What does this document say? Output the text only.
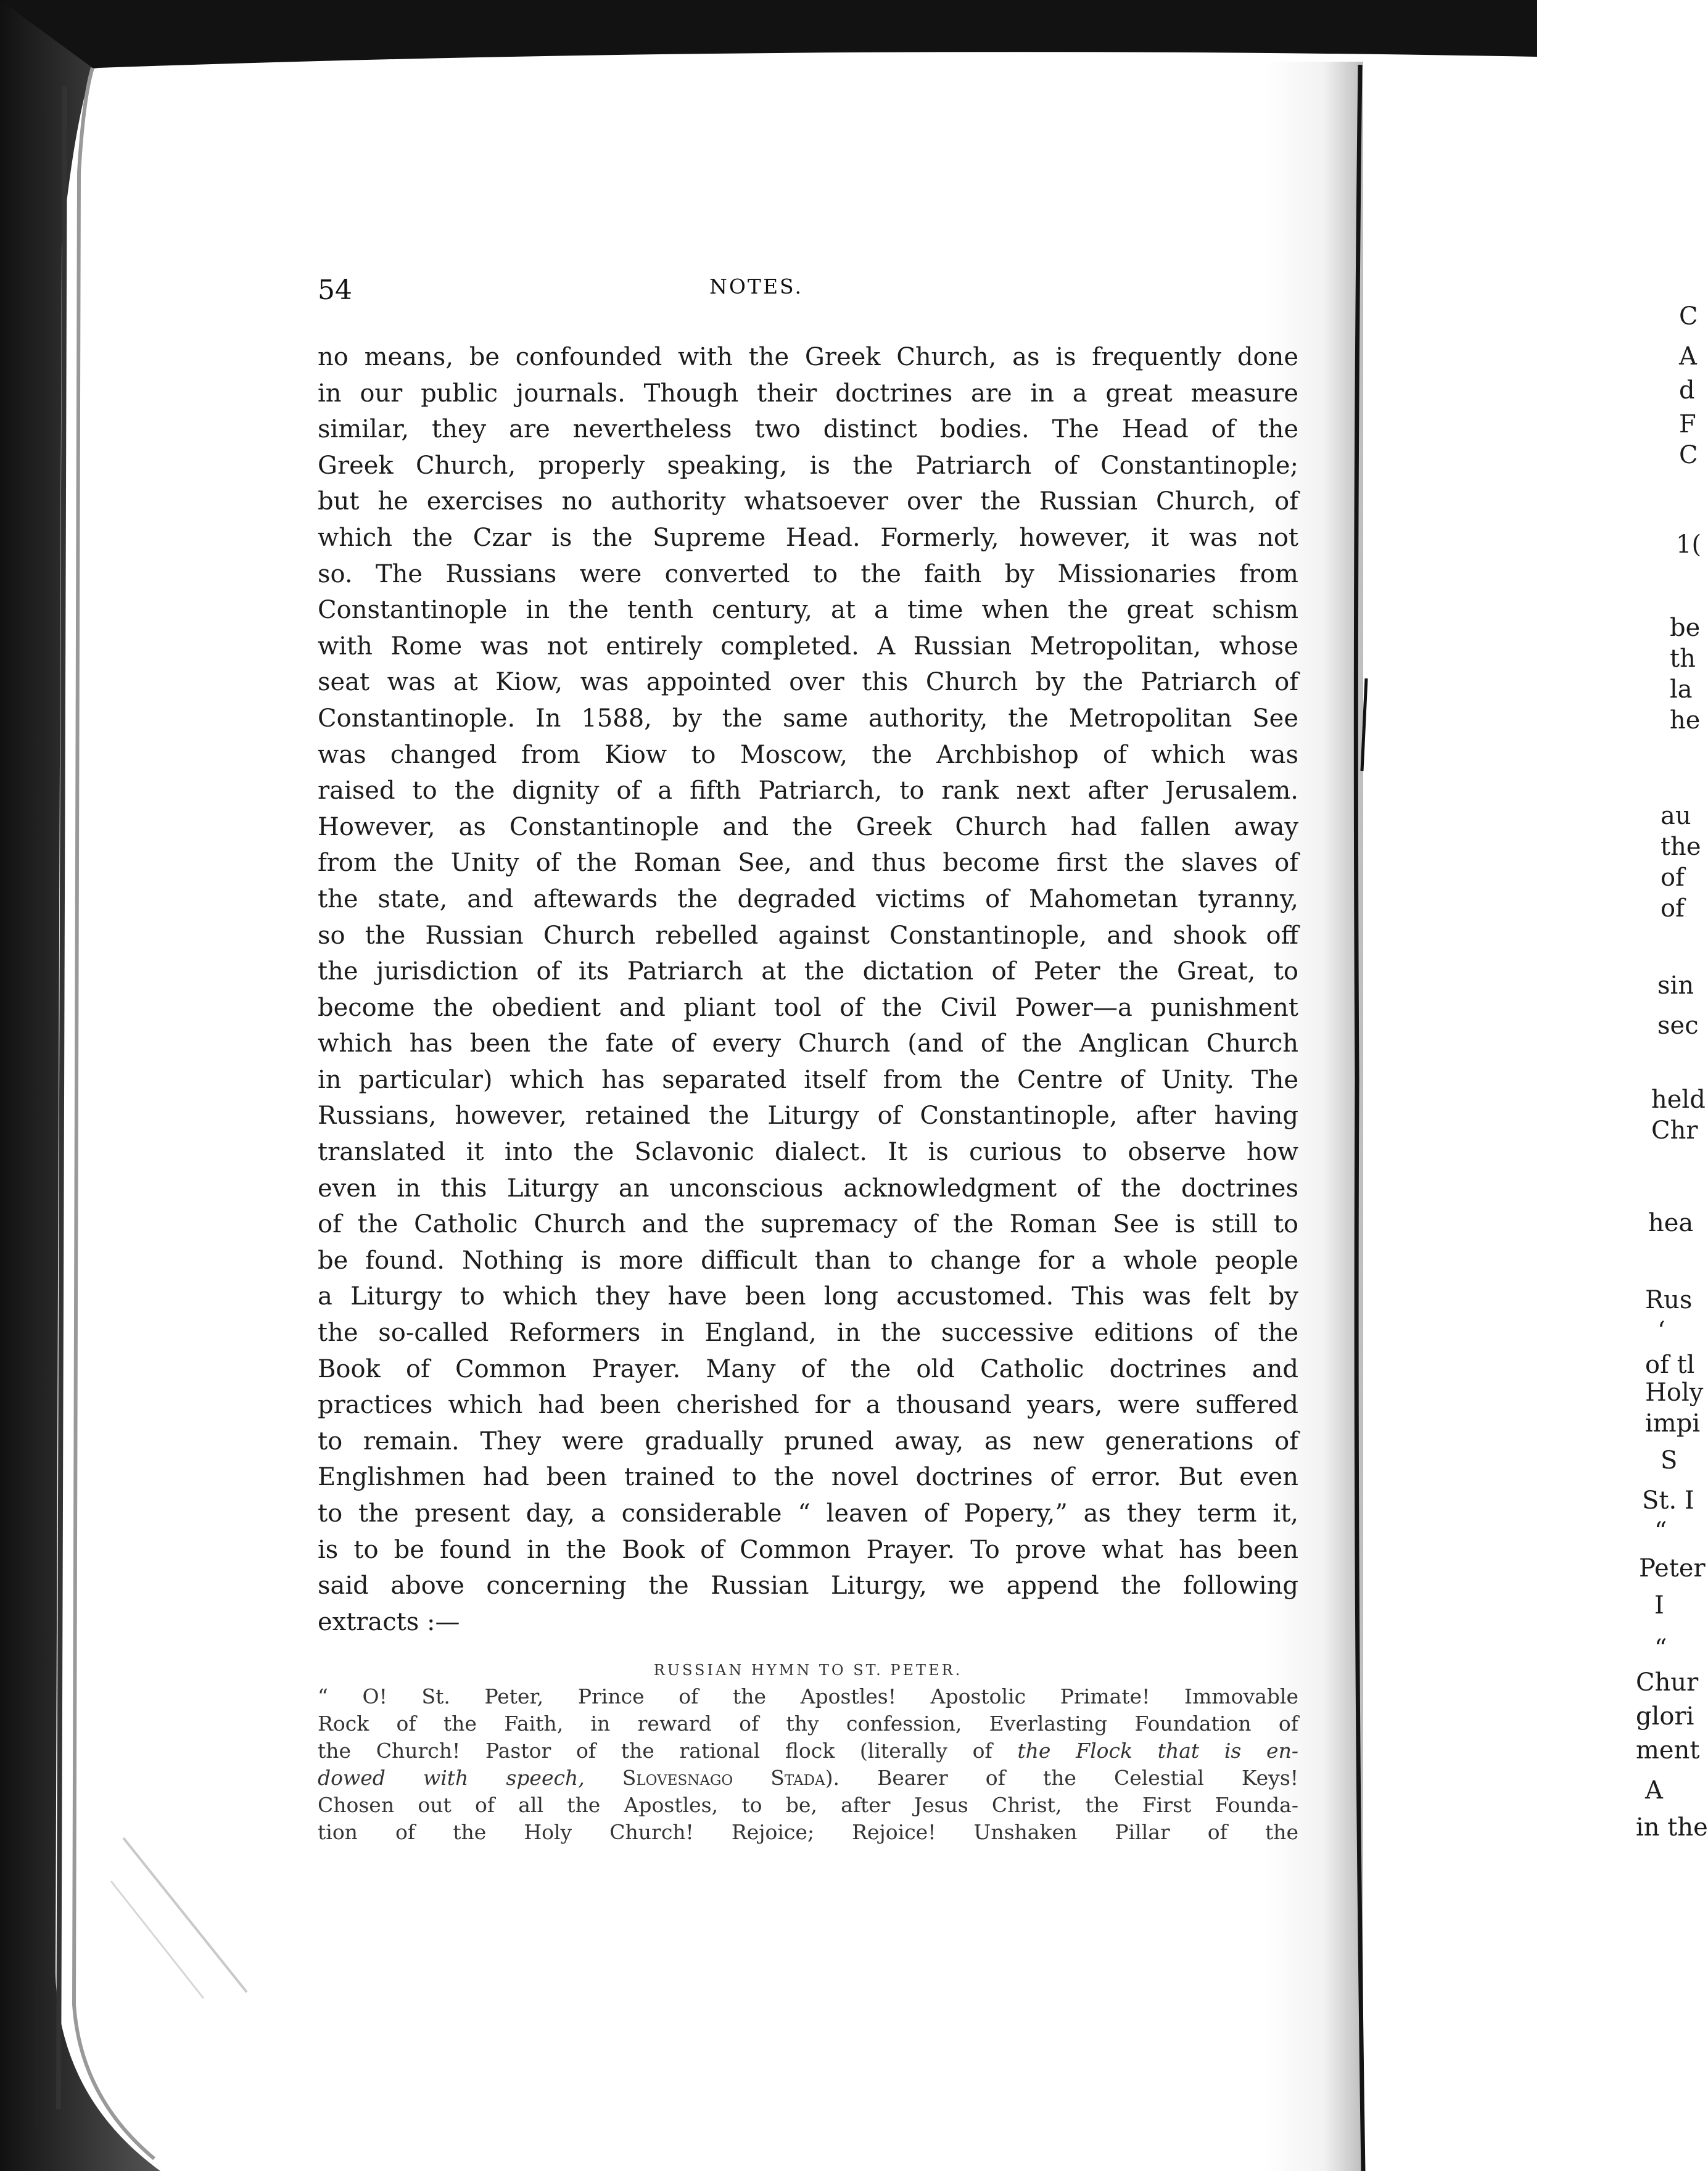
54	NOTES.
no means, be confounded with the Greek Church, as is frequently done
in our public journals. Though their doctrines are in a great measure
similar, they are nevertheless two distinct bodies. The Head of the
Greek Church, properly speaking, is the Patriarch of Constantinople;
but he exercises no authority whatsoever over the Russian Church, of
which the Czar is the Supreme Head. Formerly, however, it was not
so. The Russians were converted to the faith by Missionaries from
Constantinople in the tenth century, at a time when the great schism
with Rome was not entirely completed. A Russian Metropolitan, whose
seat was at Kiow, was appointed over this Church by the Patriarch of
Constantinople. In 1588, by the same authority, the Metropolitan See
was changed from Kiow to Moscow, the Archbishop of which was
raised to the dignity of a fifth Patriarch, to rank next after Jerusalem.
However, as Constantinople and the Greek Church had fallen away
from the Unity of the Roman See, and thus become first the slaves of
the state, and aftewards the degraded victims of Mahometan tyranny,
so the Russian Church rebelled against Constantinople, and shook off
the jurisdiction of its Patriarch at the dictation of Peter the Great, to
become the obedient and pliant tool of the Civil Power—a punishment
which has been the fate of every Church (and of the Anglican Church
in particular) which has separated itself from the Centre of Unity. The
Russians, however, retained the Liturgy of Constantinople, after having
translated it into the Sclavonic dialect. It is curious to observe how
even in this Liturgy an unconscious acknowledgment of the doctrines
of the Catholic Church and the supremacy of the Roman See is still to
be found. Nothing is more difficult than to change for a whole people
a Liturgy to which they have been long accustomed. This was felt by
the so-called Reformers in England, in the successive editions of the
Book of Common Prayer. Many of the old Catholic doctrines and
practices which had been cherished for a thousand years, were suffered
to remain. They were gradually pruned away, as new generations of
Englishmen had been trained to the novel doctrines of error. But even
to the present day, a considerable “ leaven of Popery,” as they term it,
is to be found in the Book of Common Prayer. To prove what has been
said above concerning the Russian Liturgy, we append the following
extracts :—
RUSSIAN HYMN TO ST. PETER.
“ O! St. Peter, Prince of the Apostles! Apostolic Primate! Immovable
Rock of the Faith, in reward of thy confession, Everlasting Foundation of
the Church! Pastor of the rational flock (literally of the Flock that is en-
dowed with speech, Slovesnago Stada). Bearer of the Celestial Keys!
Chosen out of all the Apostles, to be, after Jesus Christ, the First Founda-
tion of the Holy Church! Rejoice; Rejoice! Unshaken Pillar of the
C
A
d
F
C
1(
be
th
la
he
au
the
of
of
sin
sec
held
Chr
hea
Rus
‘
of tl
Holy
impi
S
St. I
“
Peter
I
“
Chur
glori
ment
A
in the
